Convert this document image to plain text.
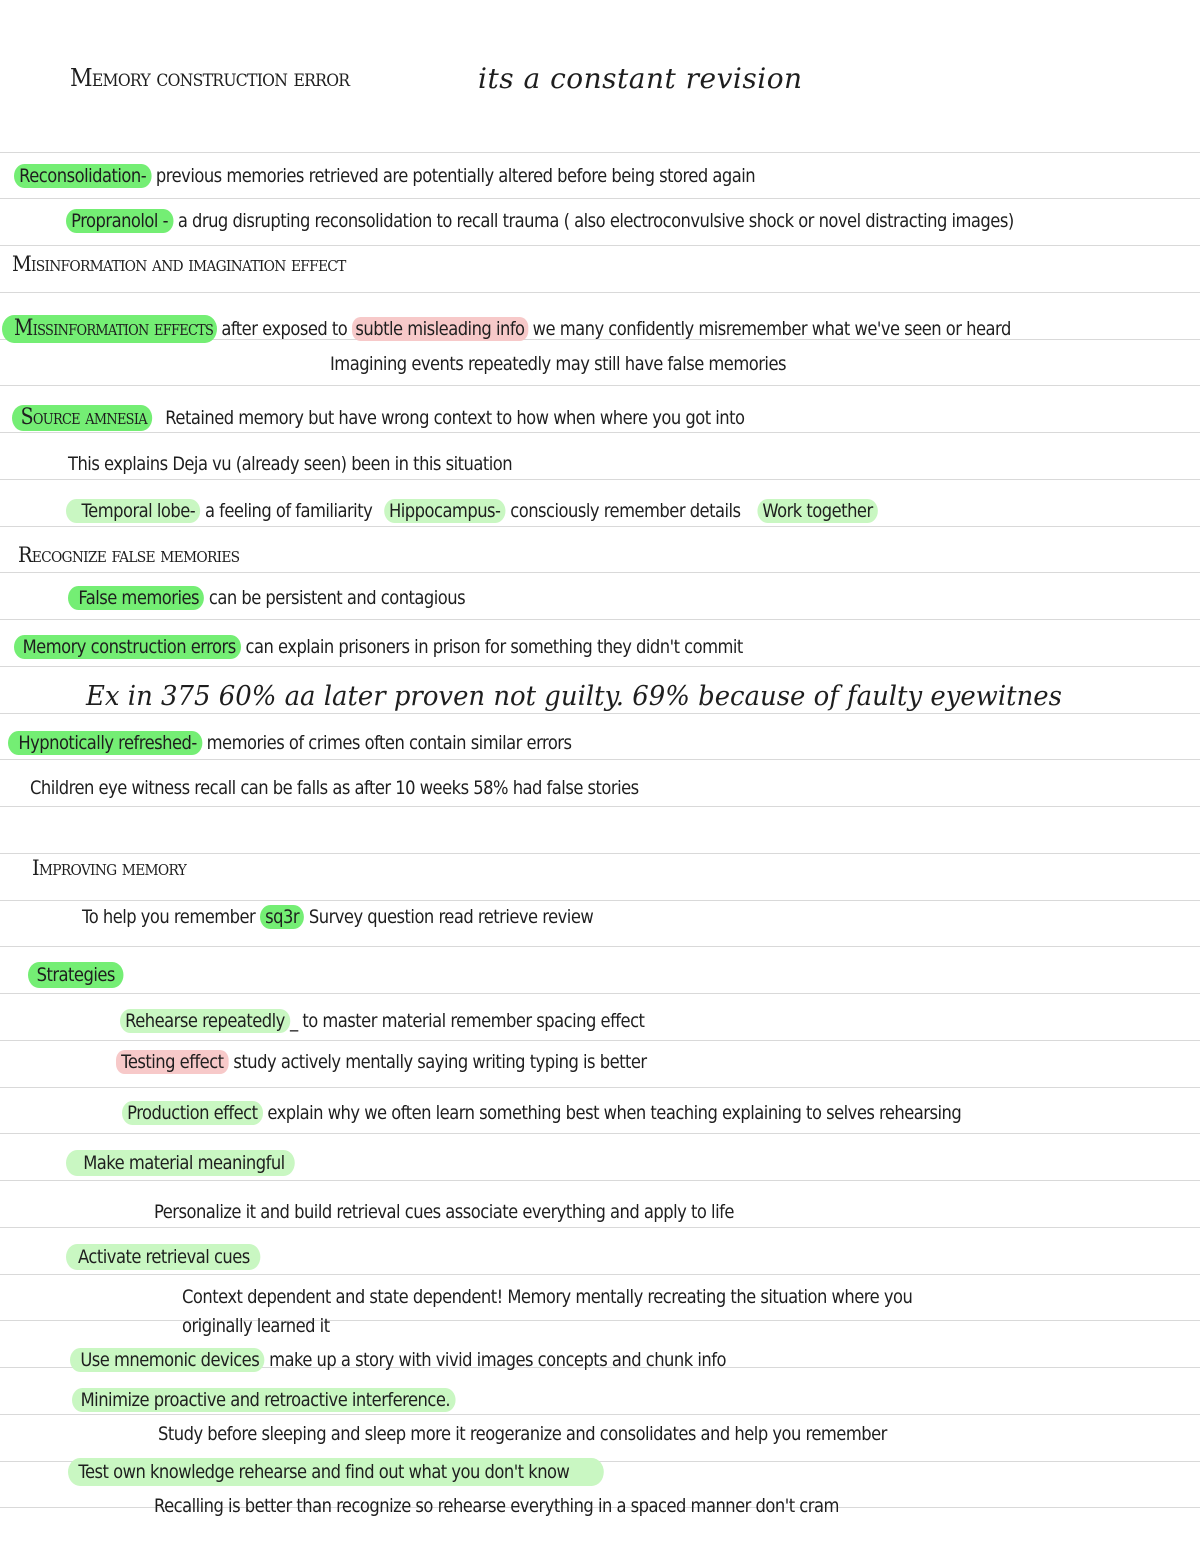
Memory construction error	its a constant revision
Reconsolidation- previous memories retrieved are potentially altered before being stored again
Propranolol - a drug disrupting reconsolidation to recall trauma ( also electroconvulsive shock or novel distracting images)
Misinformation and imagination effect
Missinformation effects after exposed to subtle misleading info we many confidently misremember what we've seen or heard
Imagining events repeatedly may still have false memories
Source amnesia Retained memory but have wrong context to how when where you got into
This explains Deja vu (already seen) been in this situation
Temporal lobe- a feeling of familiarity Hippocampus- consciously remember details Work together
Recognize false memories
False memories can be persistent and contagious
Memory construction errors can explain prisoners in prison for something they didn't commit
Ex in 375 60% aa later proven not guilty. 69% because of faulty eyewitnes
Hypnotically refreshed- memories of crimes often contain similar errors
Children eye witness recall can be falls as after 10 weeks 58% had false stories
Improving memory
To help you remember sq3r Survey question read retrieve review
Strategies
Rehearse repeatedly _ to master material remember spacing effect
Testing effect study actively mentally saying writing typing is better
Production effect explain why we often learn something best when teaching explaining to selves rehearsing
Make material meaningful
Personalize it and build retrieval cues associate everything and apply to life
Activate retrieval cues
Context dependent and state dependent! Memory mentally recreating the situation where you
originally learned it
Use mnemonic devices make up a story with vivid images concepts and chunk info
Minimize proactive and retroactive interference.
Study before sleeping and sleep more it reogeranize and consolidates and help you remember
Test own knowledge rehearse and find out what you don't know
Recalling is better than recognize so rehearse everything in a spaced manner don't cram
